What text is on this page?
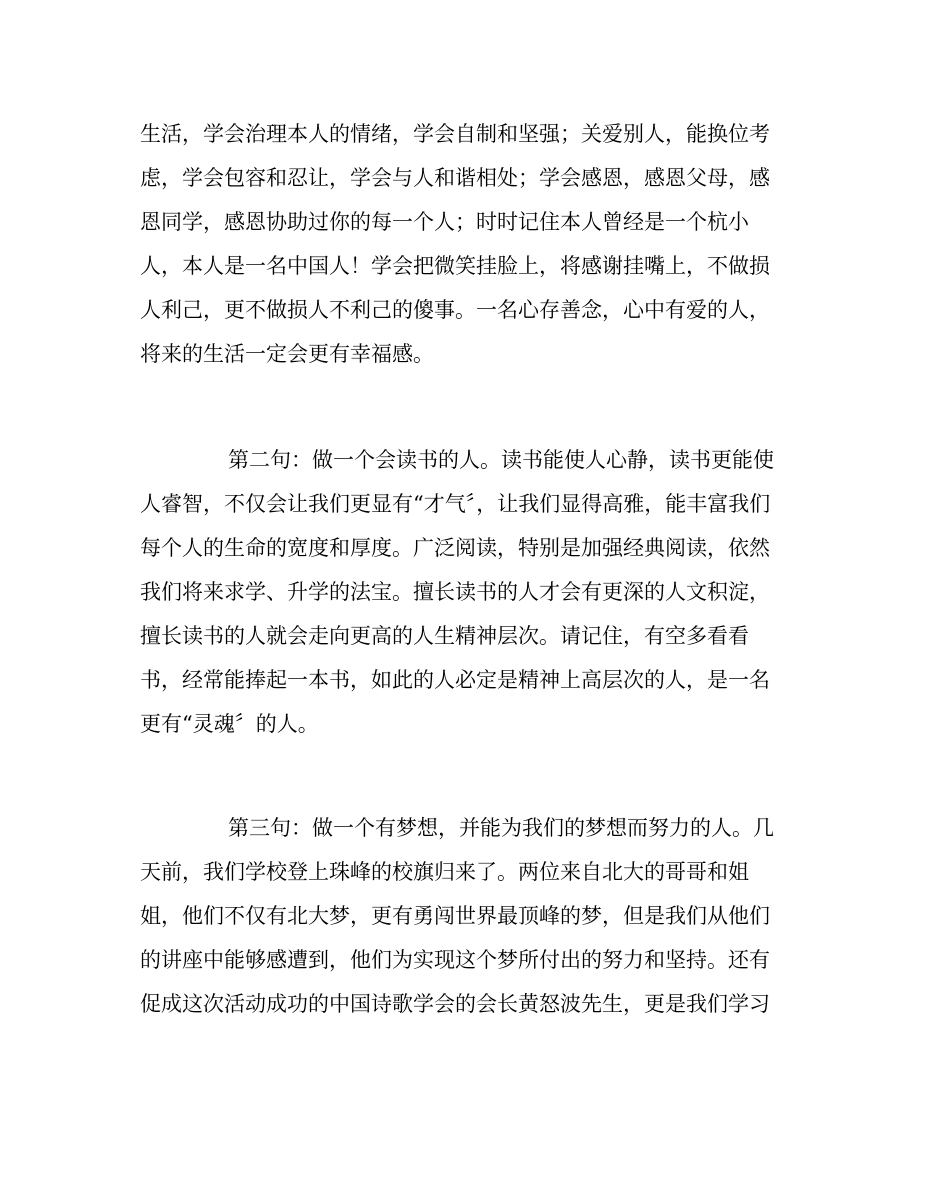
生活，学会治理本人的情绪，学会自制和坚强；关爱别人，能换位考
虑，学会包容和忍让，学会与人和谐相处；学会感恩，感恩父母，感
恩同学，感恩协助过你的每一个人；时时记住本人曾经是一个杭小
人，本人是一名中国人！学会把微笑挂脸上，将感谢挂嘴上，不做损
人利己，更不做损人不利己的傻事。一名心存善念，心中有爱的人，
将来的生活一定会更有幸福感。
第二句：做一个会读书的人。读书能使人心静，读书更能使
人睿智，不仅会让我们更显有“才气〞，让我们显得高雅，能丰富我们
每个人的生命的宽度和厚度。广泛阅读，特别是加强经典阅读，依然
我们将来求学、升学的法宝。擅长读书的人才会有更深的人文积淀，
擅长读书的人就会走向更高的人生精神层次。请记住，有空多看看
书，经常能捧起一本书，如此的人必定是精神上高层次的人，是一名
更有“灵魂〞的人。
第三句：做一个有梦想，并能为我们的梦想而努力的人。几
天前，我们学校登上珠峰的校旗归来了。两位来自北大的哥哥和姐
姐，他们不仅有北大梦，更有勇闯世界最顶峰的梦，但是我们从他们
的讲座中能够感遭到，他们为实现这个梦所付出的努力和坚持。还有
促成这次活动成功的中国诗歌学会的会长黄怒波先生，更是我们学习
